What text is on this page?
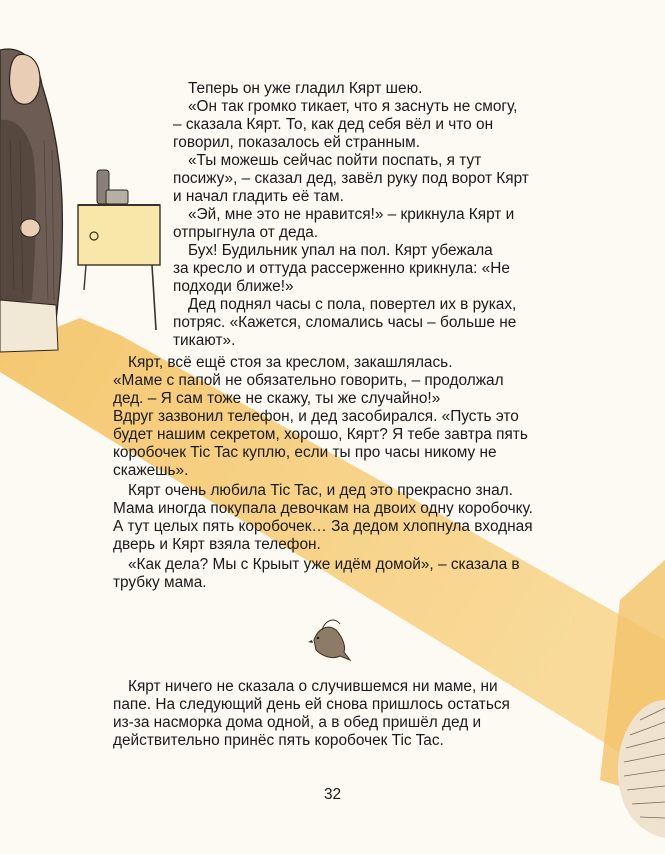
Теперь он уже гладил Кярт шею.

«Он так громко тикает, что я заснуть не смогу,

– сказала Кярт. То, как дед себя вёл и что он

говорил, показалось ей странным.

«Ты можешь сейчас пойти поспать, я тут

посижу», – сказал дед, завёл руку под ворот Кярт

и начал гладить её там.

«Эй, мне это не нравится!» – крикнула Кярт и

отпрыгнула от деда.

Бух! Будильник упал на пол. Кярт убежала

за кресло и оттуда рассерженно крикнула: «Не

подходи ближе!»

Дед поднял часы с пола, повертел их в руках,

потряс. «Кажется, сломались часы – больше не

тикают».

Кярт, всё ещё стоя за креслом, закашлялась.

«Маме с папой не обязательно говорить, – продолжал

дед. – Я сам тоже не скажу, ты же случайно!»

Вдруг зазвонил телефон, и дед засобирался. «Пусть это

будет нашим секретом, хорошо, Кярт? Я тебе завтра пять

коробочек Tic Tac куплю, если ты про часы никому не

скажешь».

Кярт очень любила Tic Tac, и дед это прекрасно знал.

Мама иногда покупала девочкам на двоих одну коробочку.

А тут целых пять коробочек… За дедом хлопнула входная

дверь и Кярт взяла телефон.

«Как дела? Мы с Крыыт уже идём домой», – сказала в

трубку мама.

Кярт ничего не сказала о случившемся ни маме, ни

папе. На следующий день ей снова пришлось остаться

из-за насморка дома одной, а в обед пришёл дед и

действительно принёс пять коробочек Tic Tac.

32
